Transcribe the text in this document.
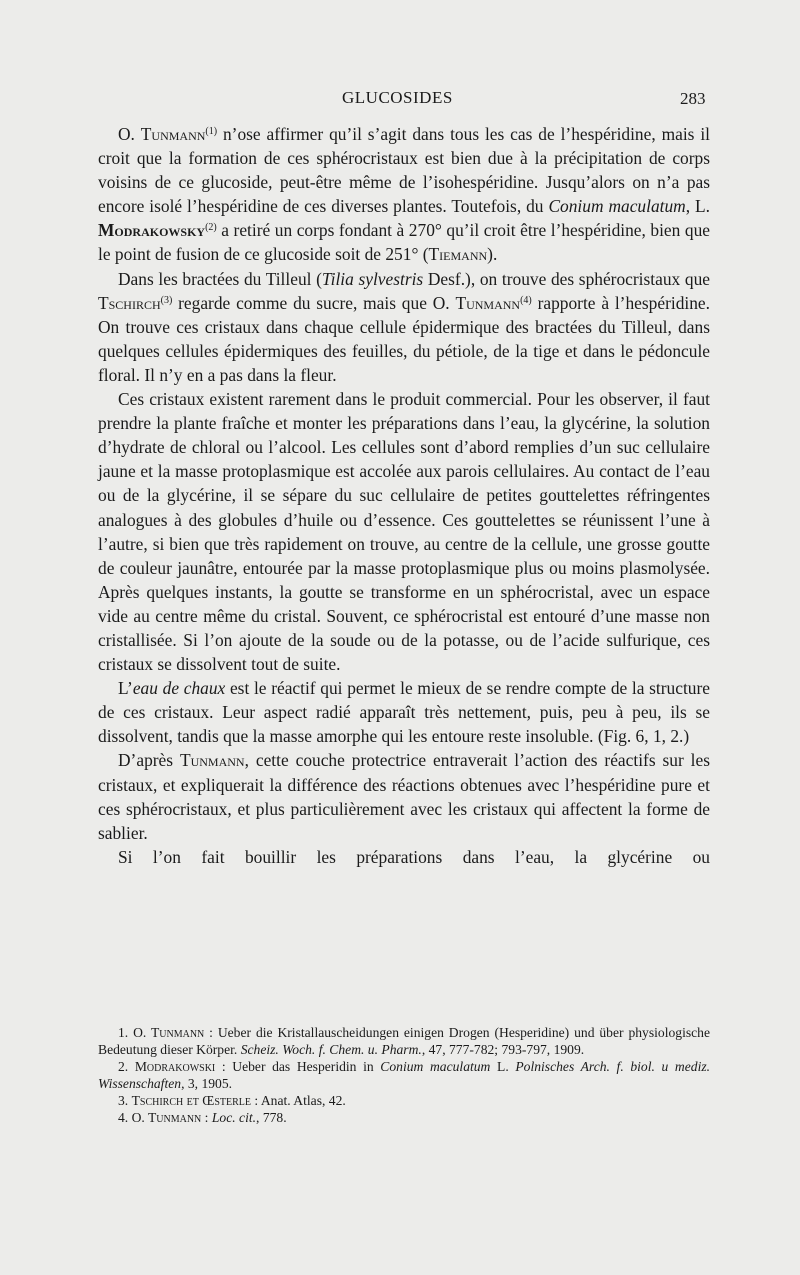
GLUCOSIDES	283

O. Tunmann$^{(1)}$ n’ose affirmer qu’il s’agit dans tous les cas de l’hespéridine, mais il croit que la formation de ces sphérocristaux est bien due à la précipitation de corps voisins de ce glucoside, peut-être même de l’isohespéridine. Jusqu’alors on n’a pas encore isolé l’hespéridine de ces diverses plantes. Toutefois, du Conium maculatum, L. Modrakowsky$^{(2)}$ a retiré un corps fondant à 270° qu’il croit être l’hespéridine, bien que le point de fusion de ce glucoside soit de 251° (Tiemann).

Dans les bractées du Tilleul (Tilia sylvestris Desf.), on trouve des sphérocristaux que Tschirch$^{(3)}$ regarde comme du sucre, mais que O. Tunmann$^{(4)}$ rapporte à l’hespéridine. On trouve ces cristaux dans chaque cellule épidermique des bractées du Tilleul, dans quelques cellules épidermiques des feuilles, du pétiole, de la tige et dans le pédoncule floral. Il n’y en a pas dans la fleur.

Ces cristaux existent rarement dans le produit commercial. Pour les observer, il faut prendre la plante fraîche et monter les préparations dans l’eau, la glycérine, la solution d’hydrate de chloral ou l’alcool. Les cellules sont d’abord remplies d’un suc cellulaire jaune et la masse protoplasmique est accolée aux parois cellulaires. Au contact de l’eau ou de la glycérine, il se sépare du suc cellulaire de petites gouttelettes réfringentes analogues à des globules d’huile ou d’essence. Ces gouttelettes se réunissent l’une à l’autre, si bien que très rapidement on trouve, au centre de la cellule, une grosse goutte de couleur jaunâtre, entourée par la masse protoplasmique plus ou moins plasmolysée. Après quelques instants, la goutte se transforme en un sphérocristal, avec un espace vide au centre même du cristal. Souvent, ce sphérocristal est entouré d’une masse non cristallisée. Si l’on ajoute de la soude ou de la potasse, ou de l’acide sulfurique, ces cristaux se dissolvent tout de suite.

L’eau de chaux est le réactif qui permet le mieux de se rendre compte de la structure de ces cristaux. Leur aspect radié apparaît très nettement, puis, peu à peu, ils se dissolvent, tandis que la masse amorphe qui les entoure reste insoluble. (Fig. 6, 1, 2.)

D’après Tunmann, cette couche protectrice entraverait l’action des réactifs sur les cristaux, et expliquerait la différence des réactions obtenues avec l’hespéridine pure et ces sphérocristaux, et plus particulièrement avec les cristaux qui affectent la forme de sablier.

Si l’on fait bouillir les préparations dans l’eau, la glycérine ou

1. O. Tunmann : Ueber die Kristallauscheidungen einigen Drogen (Hesperidine) und über physiologische Bedeutung dieser Körper. Scheiz. Woch. f. Chem. u. Pharm., 47, 777-782; 793-797, 1909.

2. Modrakowski : Ueber das Hesperidin in Conium maculatum L. Polnisches Arch. f. biol. u mediz. Wissenschaften, 3, 1905.

3. Tschirch et Œsterle : Anat. Atlas, 42.

4. O. Tunmann : Loc. cit., 778.
